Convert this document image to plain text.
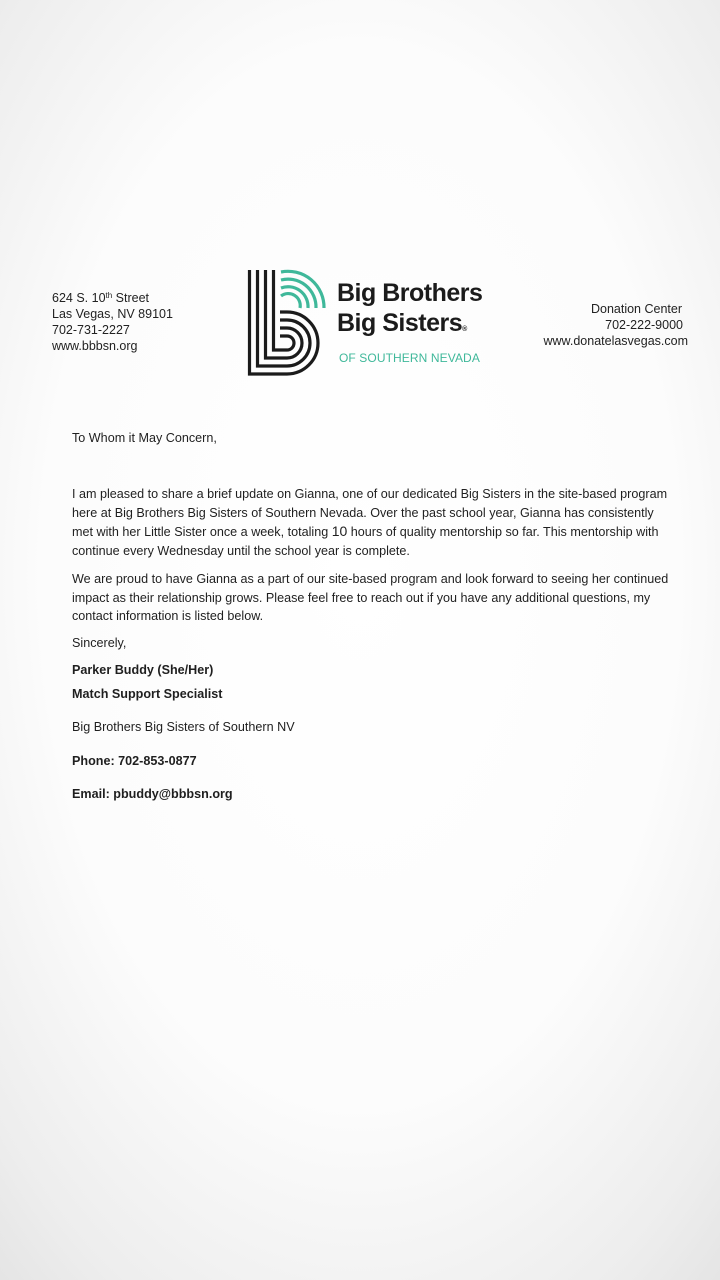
624 S. 10th Street
Las Vegas, NV 89101
702-731-2227
www.bbbsn.org
Big Brothers
Big Sisters®
OF SOUTHERN NEVADA
Donation Center
702-222-9000
www.donatelasvegas.com
To Whom it May Concern,
I am pleased to share a brief update on Gianna, one of our dedicated Big Sisters in the site-based program here at Big Brothers Big Sisters of Southern Nevada. Over the past school year, Gianna has consistently met with her Little Sister once a week, totaling 10 hours of quality mentorship so far. This mentorship with continue every Wednesday until the school year is complete.
We are proud to have Gianna as a part of our site-based program and look forward to seeing her continued impact as their relationship grows. Please feel free to reach out if you have any additional questions, my contact information is listed below.
Sincerely,
Parker Buddy (She/Her)
Match Support Specialist
Big Brothers Big Sisters of Southern NV
Phone: 702-853-0877
Email: pbuddy@bbbsn.org
